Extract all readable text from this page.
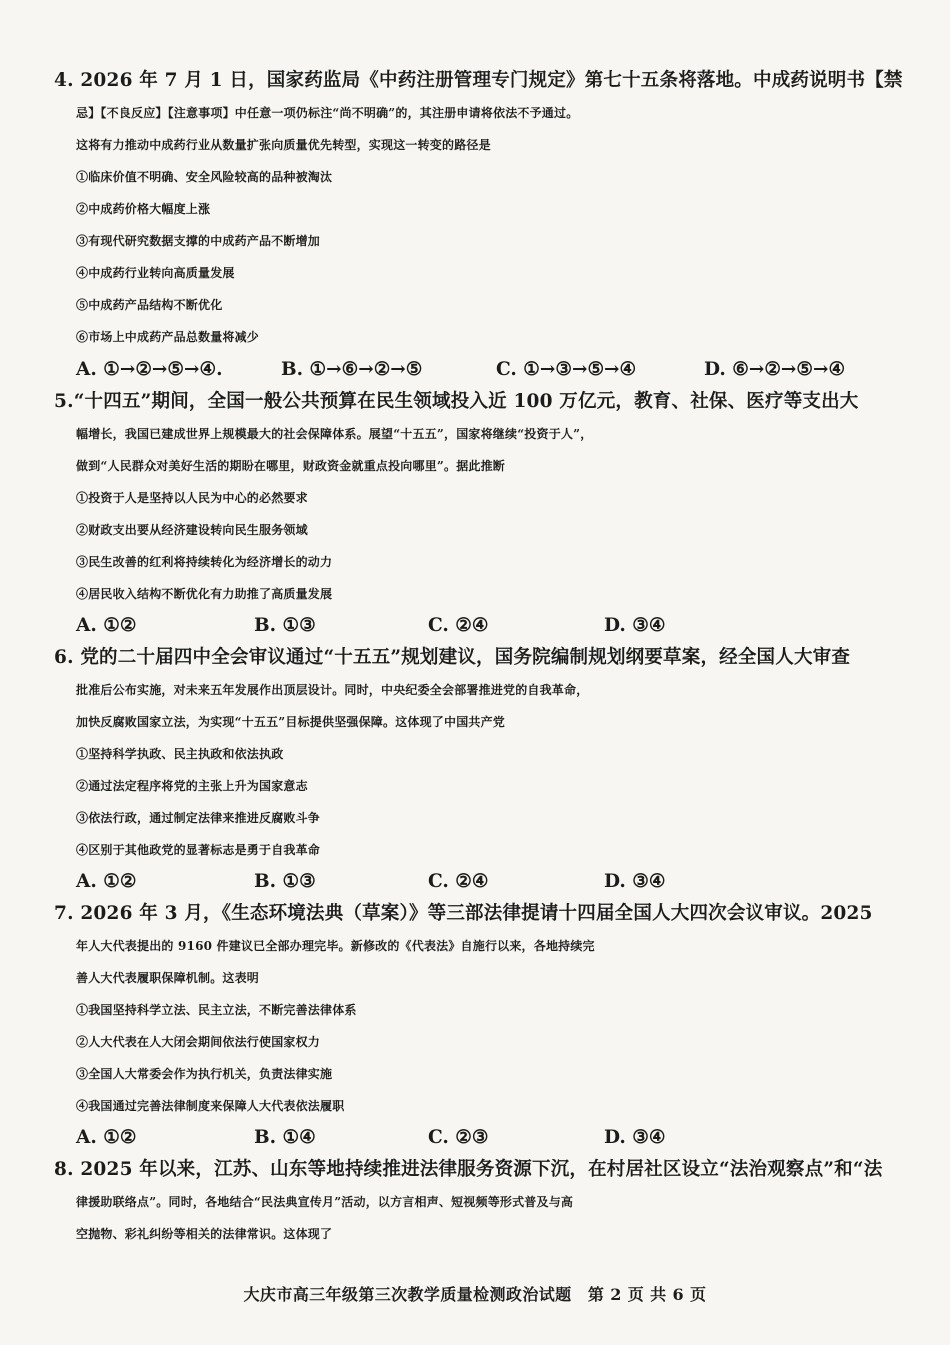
4. 2026 年 7 月 1 日，国家药监局《中药注册管理专门规定》第七十五条将落地。中成药说明书【禁
忌】【不良反应】【注意事项】中任意一项仍标注“尚不明确”的，其注册申请将依法不予通过。
这将有力推动中成药行业从数量扩张向质量优先转型，实现这一转变的路径是
①临床价值不明确、安全风险较高的品种被淘汰
②中成药价格大幅度上涨
③有现代研究数据支撑的中成药产品不断增加
④中成药行业转向高质量发展
⑤中成药产品结构不断优化
⑥市场上中成药产品总数量将减少
A. ①→②→⑤→④.	B. ①→⑥→②→⑤	C. ①→③→⑤→④	D. ⑥→②→⑤→④
5.“十四五”期间，全国一般公共预算在民生领域投入近 100 万亿元，教育、社保、医疗等支出大
幅增长，我国已建成世界上规模最大的社会保障体系。展望“十五五”，国家将继续“投资于人”，
做到“人民群众对美好生活的期盼在哪里，财政资金就重点投向哪里”。据此推断
①投资于人是坚持以人民为中心的必然要求
②财政支出要从经济建设转向民生服务领域
③民生改善的红利将持续转化为经济增长的动力
④居民收入结构不断优化有力助推了高质量发展
A. ①②	B. ①③	C. ②④	D. ③④
6. 党的二十届四中全会审议通过“十五五”规划建议，国务院编制规划纲要草案，经全国人大审查
批准后公布实施，对未来五年发展作出顶层设计。同时，中央纪委全会部署推进党的自我革命，
加快反腐败国家立法，为实现“十五五”目标提供坚强保障。这体现了中国共产党
①坚持科学执政、民主执政和依法执政
②通过法定程序将党的主张上升为国家意志
③依法行政，通过制定法律来推进反腐败斗争
④区别于其他政党的显著标志是勇于自我革命
A. ①②	B. ①③	C. ②④	D. ③④
7. 2026 年 3 月，《生态环境法典（草案）》等三部法律提请十四届全国人大四次会议审议。2025
年人大代表提出的 9160 件建议已全部办理完毕。新修改的《代表法》自施行以来，各地持续完
善人大代表履职保障机制。这表明
①我国坚持科学立法、民主立法，不断完善法律体系
②人大代表在人大闭会期间依法行使国家权力
③全国人大常委会作为执行机关，负责法律实施
④我国通过完善法律制度来保障人大代表依法履职
A. ①②	B. ①④	C. ②③	D. ③④
8. 2025 年以来，江苏、山东等地持续推进法律服务资源下沉，在村居社区设立“法治观察点”和“法
律援助联络点”。同时，各地结合“民法典宣传月”活动，以方言相声、短视频等形式普及与高
空抛物、彩礼纠纷等相关的法律常识。这体现了
大庆市高三年级第三次教学质量检测政治试题　第 2 页 共 6 页
